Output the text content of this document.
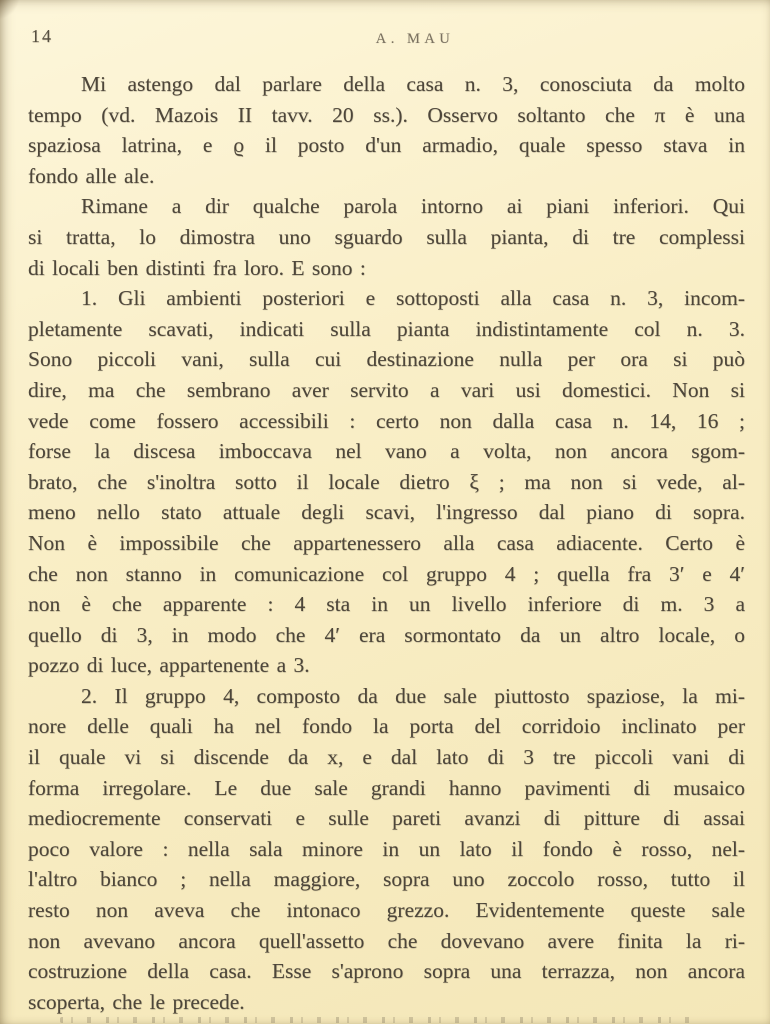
14	A. MAU
Mi astengo dal parlare della casa n. 3, conosciuta da molto
tempo (vd. Mazois II tavv. 20 ss.). Osservo soltanto che π è una
spaziosa latrina, e ϱ il posto d'un armadio, quale spesso stava in
fondo alle ale.
Rimane a dir qualche parola intorno ai piani inferiori. Qui
si tratta, lo dimostra uno sguardo sulla pianta, di tre complessi
di locali ben distinti fra loro. E sono :
1. Gli ambienti posteriori e sottoposti alla casa n. 3, incom-
pletamente scavati, indicati sulla pianta indistintamente col n. 3.
Sono piccoli vani, sulla cui destinazione nulla per ora si può
dire, ma che sembrano aver servito a vari usi domestici. Non si
vede come fossero accessibili : certo non dalla casa n. 14, 16 ;
forse la discesa imboccava nel vano a volta, non ancora sgom-
brato, che s'inoltra sotto il locale dietro ξ ; ma non si vede, al-
meno nello stato attuale degli scavi, l'ingresso dal piano di sopra.
Non è impossibile che appartenessero alla casa adiacente. Certo è
che non stanno in comunicazione col gruppo 4 ; quella fra 3′ e 4′
non è che apparente : 4 sta in un livello inferiore di m. 3 a
quello di 3, in modo che 4′ era sormontato da un altro locale, o
pozzo di luce, appartenente a 3.
2. Il gruppo 4, composto da due sale piuttosto spaziose, la mi-
nore delle quali ha nel fondo la porta del corridoio inclinato per
il quale vi si discende da x, e dal lato di 3 tre piccoli vani di
forma irregolare. Le due sale grandi hanno pavimenti di musaico
mediocremente conservati e sulle pareti avanzi di pitture di assai
poco valore : nella sala minore in un lato il fondo è rosso, nel-
l'altro bianco ; nella maggiore, sopra uno zoccolo rosso, tutto il
resto non aveva che intonaco grezzo. Evidentemente queste sale
non avevano ancora quell'assetto che dovevano avere finita la ri-
costruzione della casa. Esse s'aprono sopra una terrazza, non ancora
scoperta, che le precede.
